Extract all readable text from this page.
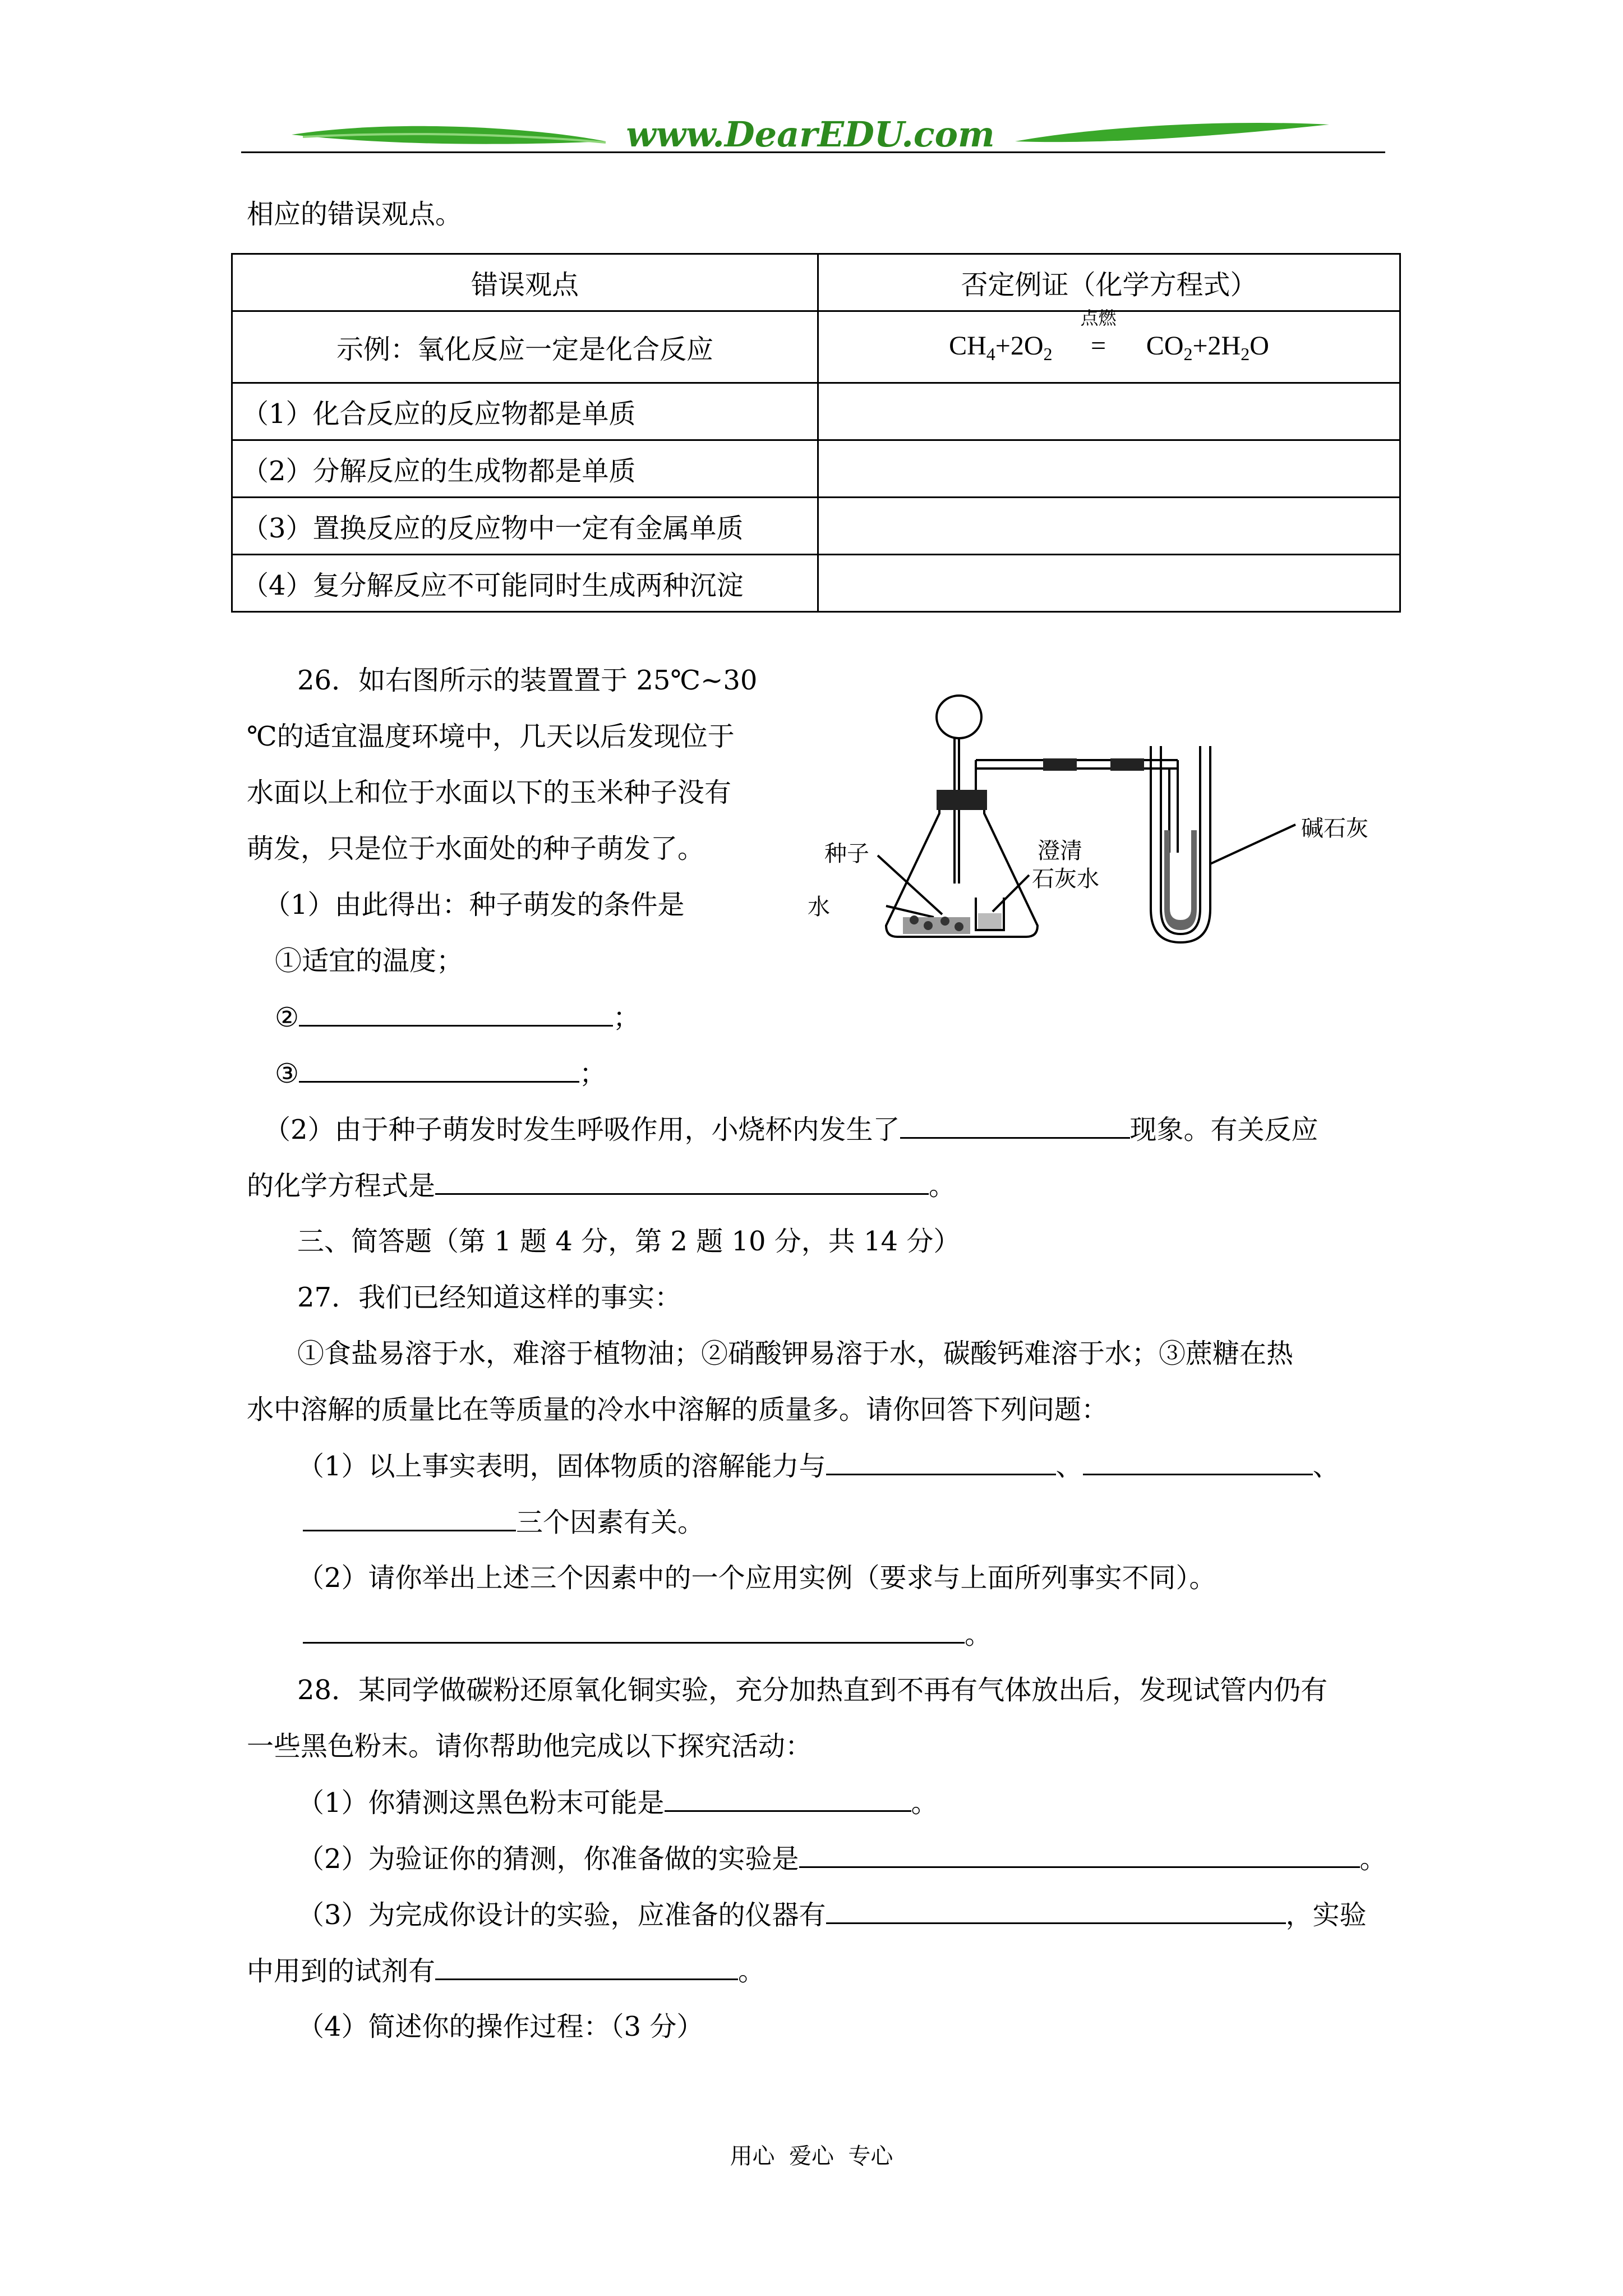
www.DearEDU.com
相应的错误观点。
错误观点	否定例证（化学方程式）
示例：氧化反应一定是化合反应	$CH_4+2O_2$
点燃
= $CO_2+2H_2O$
（1）化合反应的反应物都是单质	
（2）分解反应的生成物都是单质	
（3）置换反应的反应物中一定有金属单质	
（4）复分解反应不可能同时生成两种沉淀	
26．如右图所示的装置置于 25℃~30
℃的适宜温度环境中，几天以后发现位于
水面以上和位于水面以下的玉米种子没有
萌发，只是位于水面处的种子萌发了。
（1）由此得出：种子萌发的条件是
①适宜的温度；
②	；
③	；
（2）由于种子萌发时发生呼吸作用，小烧杯内发生了	现象。有关反应
的化学方程式是	。
种子
水
澄清
石灰水
碱石灰
三、简答题（第 1 题 4 分，第 2 题 10 分，共 14 分）
27．我们已经知道这样的事实：
①食盐易溶于水，难溶于植物油；②硝酸钾易溶于水，碳酸钙难溶于水；③蔗糖在热
水中溶解的质量比在等质量的冷水中溶解的质量多。请你回答下列问题：
（1）以上事实表明，固体物质的溶解能力与	、	、
三个因素有关。
（2）请你举出上述三个因素中的一个应用实例（要求与上面所列事实不同）。
。
28．某同学做碳粉还原氧化铜实验，充分加热直到不再有气体放出后，发现试管内仍有
一些黑色粉末。请你帮助他完成以下探究活动：
（1）你猜测这黑色粉末可能是	。
（2）为验证你的猜测，你准备做的实验是	。
（3）为完成你设计的实验，应准备的仪器有	，实验
中用到的试剂有	。
（4）简述你的操作过程：（3 分）
用心  爱心  专心
